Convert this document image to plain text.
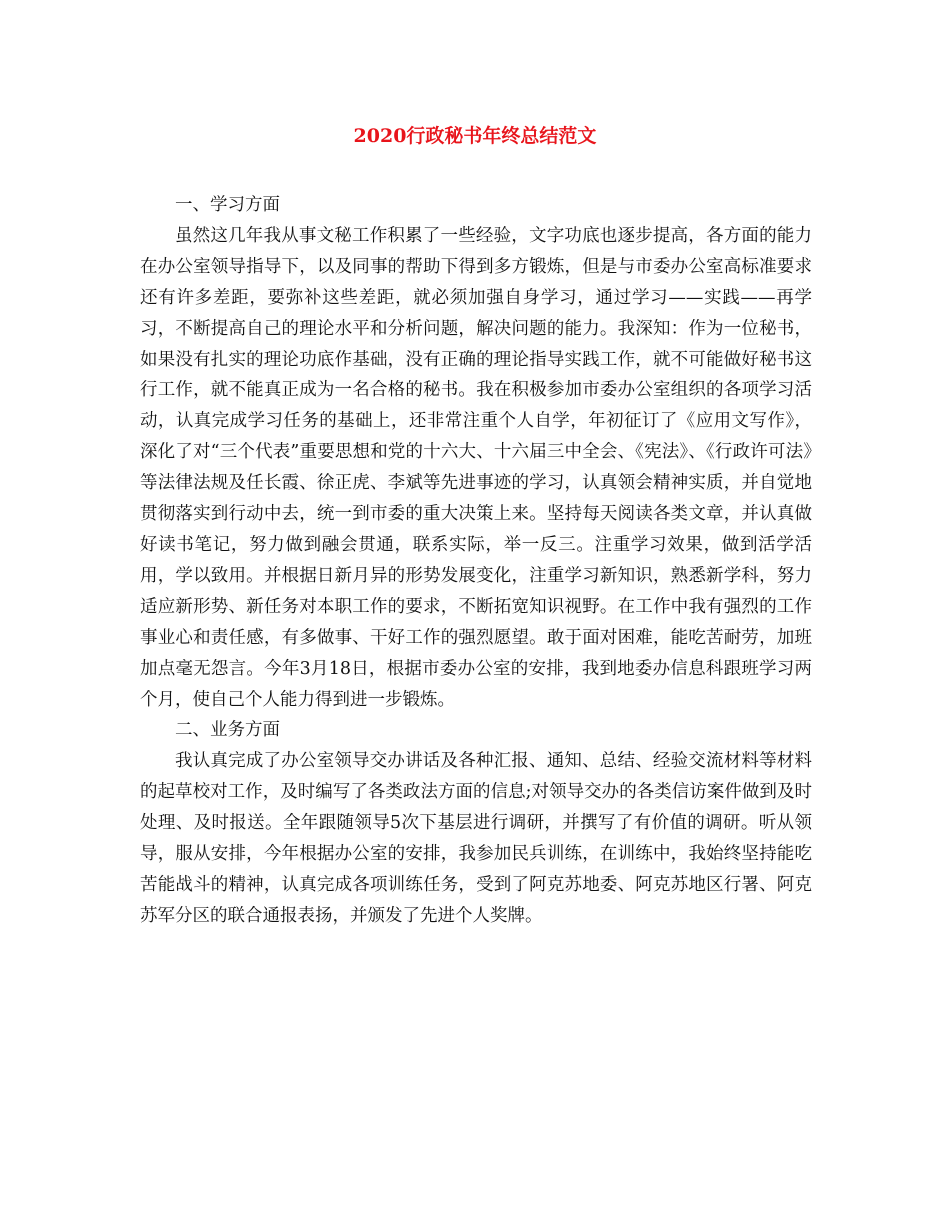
2020行政秘书年终总结范文

一、学习方面

虽然这几年我从事文秘工作积累了一些经验，文字功底也逐步提高，各方面的能力在办公室领导指导下，以及同事的帮助下得到多方锻炼，但是与市委办公室高标准要求还有许多差距，要弥补这些差距，就必须加强自身学习，通过学习——实践——再学习，不断提高自己的理论水平和分析问题，解决问题的能力。我深知：作为一位秘书，如果没有扎实的理论功底作基础，没有正确的理论指导实践工作，就不可能做好秘书这行工作，就不能真正成为一名合格的秘书。我在积极参加市委办公室组织的各项学习活动，认真完成学习任务的基础上，还非常注重个人自学，年初征订了《应用文写作》，深化了对“三个代表”重要思想和党的十六大、十六届三中全会、《宪法》、《行政许可法》等法律法规及任长霞、徐正虎、李斌等先进事迹的学习，认真领会精神实质，并自觉地贯彻落实到行动中去，统一到市委的重大决策上来。坚持每天阅读各类文章，并认真做好读书笔记，努力做到融会贯通，联系实际，举一反三。注重学习效果，做到活学活用，学以致用。并根据日新月异的形势发展变化，注重学习新知识，熟悉新学科，努力适应新形势、新任务对本职工作的要求，不断拓宽知识视野。在工作中我有强烈的工作事业心和责任感，有多做事、干好工作的强烈愿望。敢于面对困难，能吃苦耐劳，加班加点毫无怨言。今年3月18日，根据市委办公室的安排，我到地委办信息科跟班学习两个月，使自己个人能力得到进一步锻炼。

二、业务方面

我认真完成了办公室领导交办讲话及各种汇报、通知、总结、经验交流材料等材料的起草校对工作，及时编写了各类政法方面的信息;对领导交办的各类信访案件做到及时处理、及时报送。全年跟随领导5次下基层进行调研，并撰写了有价值的调研。听从领导，服从安排，今年根据办公室的安排，我参加民兵训练，在训练中，我始终坚持能吃苦能战斗的精神，认真完成各项训练任务，受到了阿克苏地委、阿克苏地区行署、阿克苏军分区的联合通报表扬，并颁发了先进个人奖牌。
